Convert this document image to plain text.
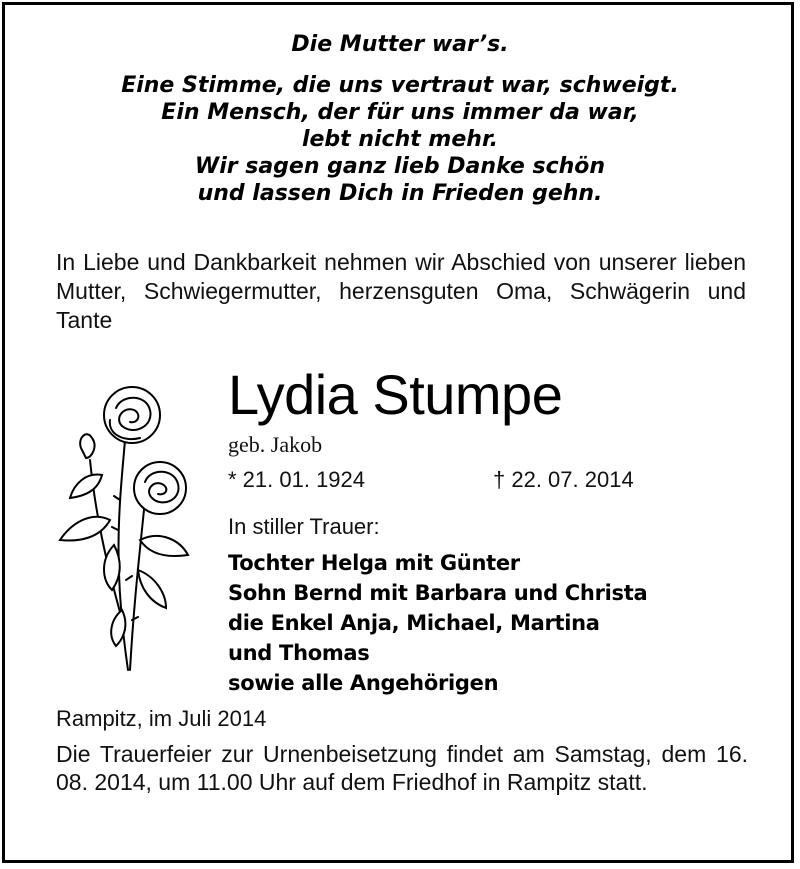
Die Mutter war’s.
Eine Stimme, die uns vertraut war, schweigt.
Ein Mensch, der für uns immer da war,
lebt nicht mehr.
Wir sagen ganz lieb Danke schön
und lassen Dich in Frieden gehn.
In Liebe und Dankbarkeit nehmen wir Abschied von unserer lieben Mutter, Schwiegermutter, herzensguten Oma, Schwägerin und Tante
Lydia Stumpe
geb. Jakob
* 21. 01. 1924	† 22. 07. 2014
In stiller Trauer:
Tochter Helga mit Günter
Sohn Bernd mit Barbara und Christa
die Enkel Anja, Michael, Martina
und Thomas
sowie alle Angehörigen
Rampitz, im Juli 2014
Die Trauerfeier zur Urnenbeisetzung findet am Samstag, dem 16. 08. 2014, um 11.00 Uhr auf dem Friedhof in Rampitz statt.
